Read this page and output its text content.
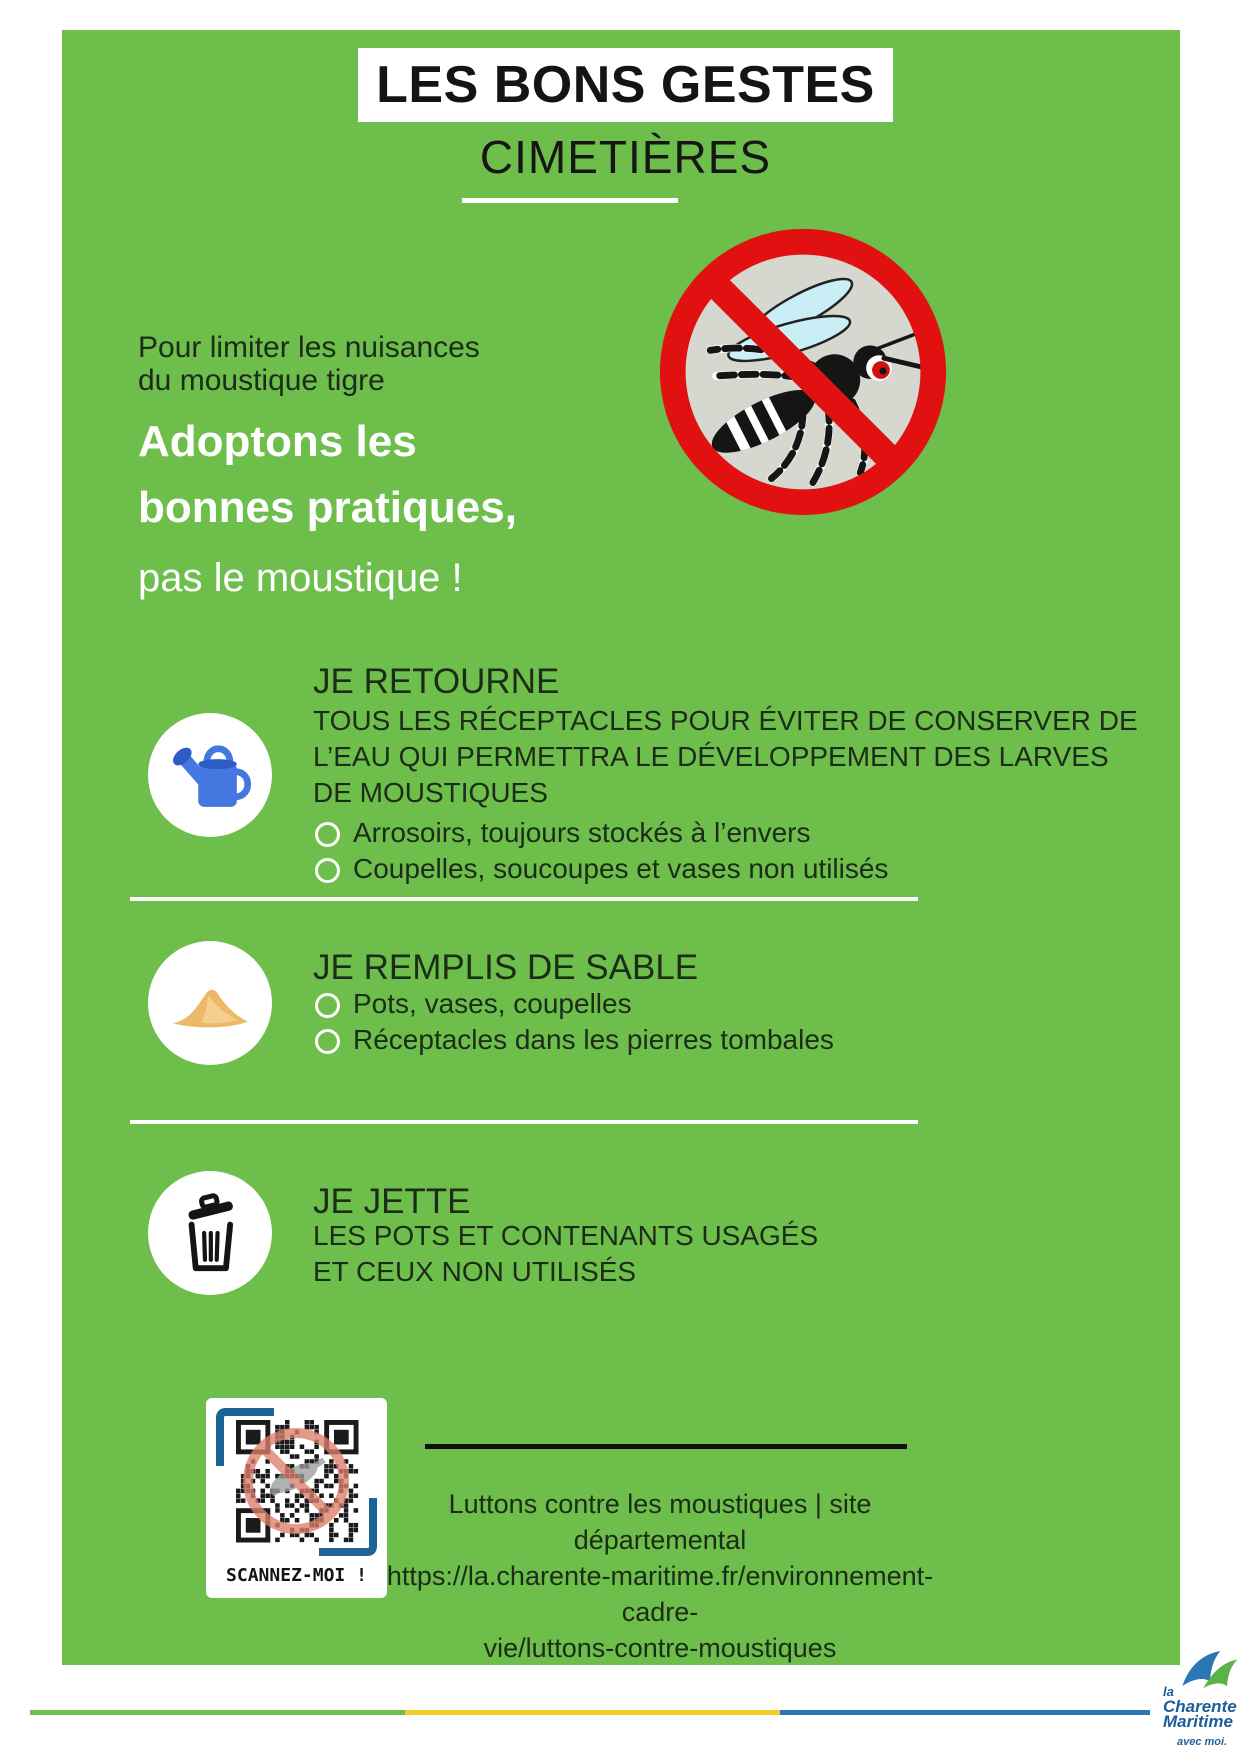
LES BONS GESTES
CIMETIÈRES
Pour limiter les nuisances
du moustique tigre
Adoptons les
bonnes pratiques,
pas le moustique !
JE RETOURNE
TOUS LES RÉCEPTACLES POUR ÉVITER DE CONSERVER DE
L’EAU QUI PERMETTRA LE DÉVELOPPEMENT DES LARVES
DE MOUSTIQUES
Arrosoirs, toujours stockés à l’envers
Coupelles, soucoupes et vases non utilisés
JE REMPLIS DE SABLE
Pots, vases, coupelles
Réceptacles dans les pierres tombales
JE JETTE
LES POTS ET CONTENANTS USAGÉS
ET CEUX NON UTILISÉS
SCANNEZ-MOI !
Luttons contre les moustiques | site départemental
https://la.charente-maritime.fr/environnement-cadre-
vie/luttons-contre-moustiques
la
Charente
Maritime
avec moi.
